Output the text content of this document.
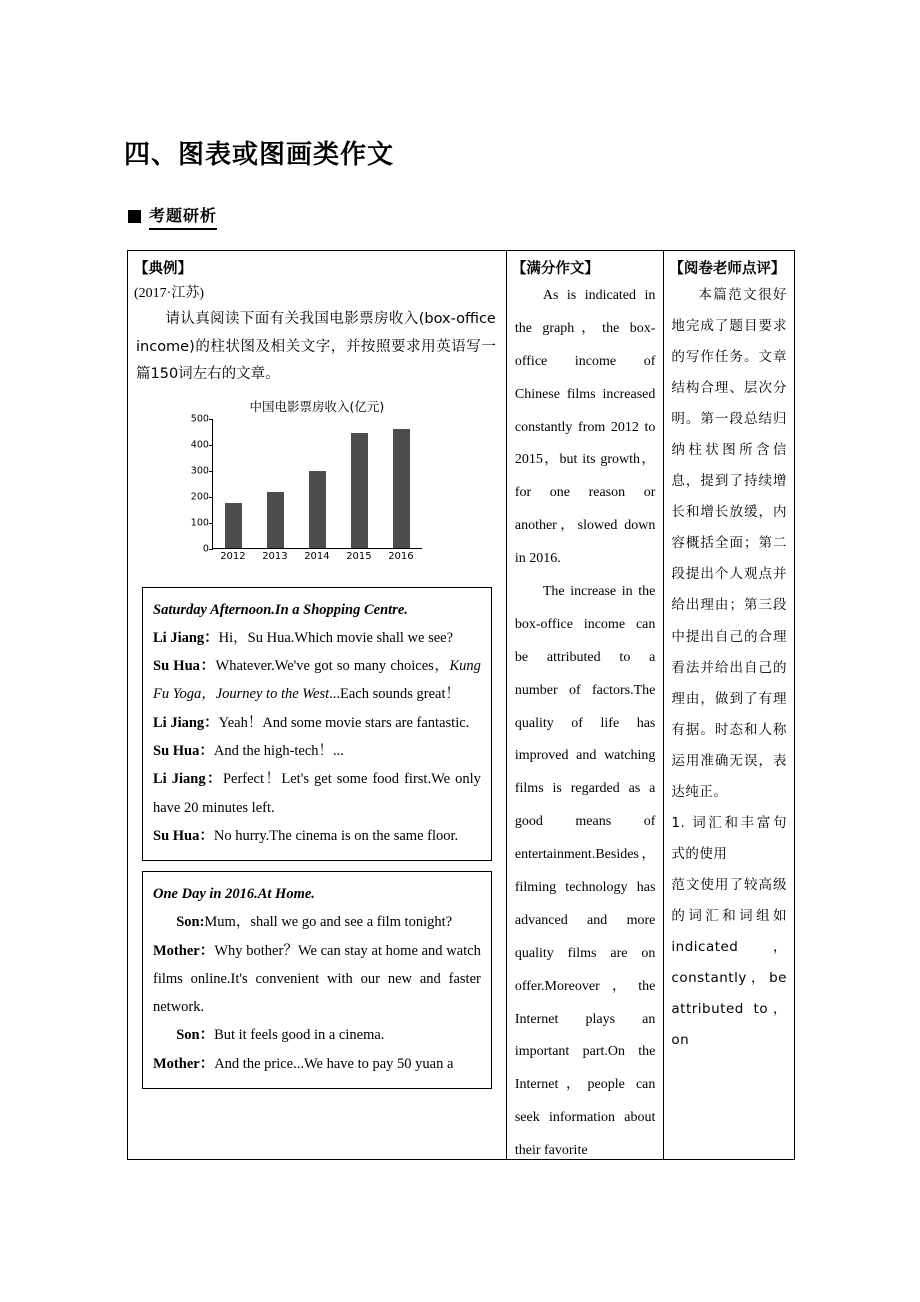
四、图表或图画类作文
考题研析
【典例】
(2017·江苏)
请认真阅读下面有关我国电影票房收入(box-office income)的柱状图及相关文字，并按照要求用英语写一篇150词左右的文章。
中国电影票房收入(亿元)
0
100
200
300
400
500
2012 2013 2014 2015 2016

Saturday Afternoon.In a Shopping Centre.

Li Jiang：Hi，Su Hua.Which movie shall we see?

Su Hua：Whatever.We've got so many choices，Kung Fu Yoga，Journey to the West...Each sounds great！

Li Jiang：Yeah！And some movie stars are fantastic.

Su Hua：And the high-tech！...

Li Jiang：Perfect！Let's get some food first.We only have 20 minutes left.

Su Hua：No hurry.The cinema is on the same floor.

One Day in 2016.At Home.

Son:Mum，shall we go and see a film tonight?

Mother：Why bother？We can stay at home and watch films online.It's convenient with our new and faster network.

Son：But it feels good in a cinema.

Mother：And the price...We have to pay 50 yuan a

【满分作文】

As is indicated in the graph，the box-office income of Chinese films increased constantly from 2012 to 2015，but its growth，for one reason or another，slowed down in 2016.

The increase in the box-office income can be attributed to a number of factors.The quality of life has improved and watching films is regarded as a good means of entertainment.Besides，filming technology has advanced and more quality films are on offer.Moreover，the Internet plays an important part.On the Internet，people can seek information about their favorite

【阅卷老师点评】

本篇范文很好地完成了题目要求的写作任务。文章结构合理、层次分明。第一段总结归纳柱状图所含信息，提到了持续增长和增长放缓，内容概括全面；第二段提出个人观点并给出理由；第三段中提出自己的合理看法并给出自己的理由，做到了有理有据。时态和人称运用准确无误，表达纯正。

1. 词汇和丰富句式的使用

范文使用了较高级的词汇和词组如indicated，constantly，be attributed to，on
